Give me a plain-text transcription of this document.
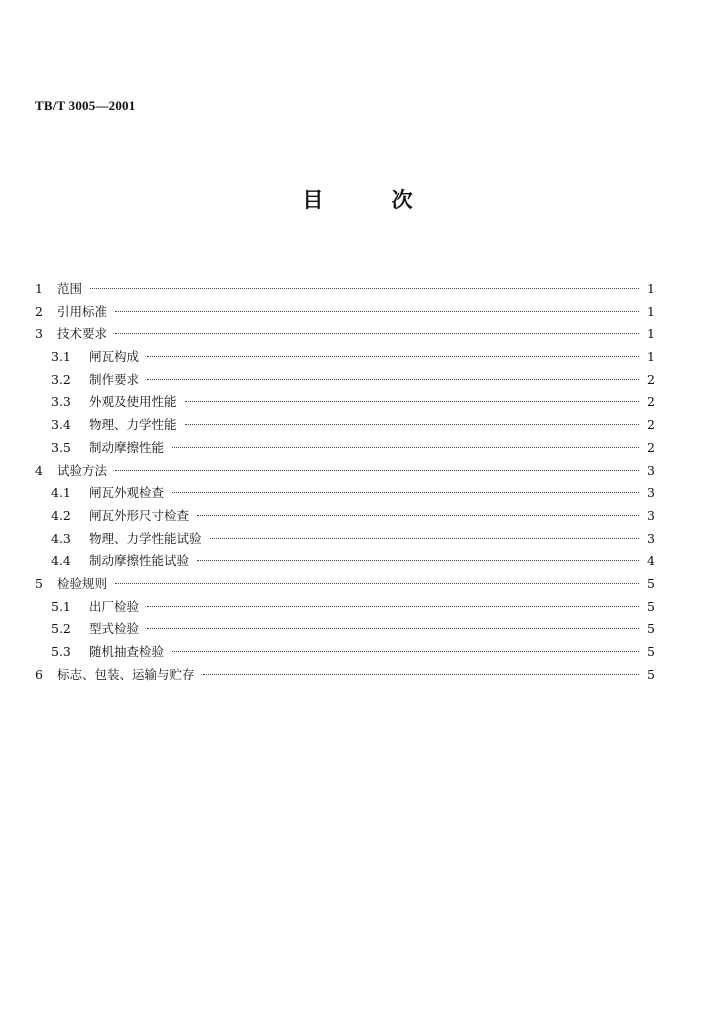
TB/T 3005—2001
目	次
1	范围	1
2	引用标准	1
3	技术要求	1
3.1	闸瓦构成	1
3.2	制作要求	2
3.3	外观及使用性能	2
3.4	物理、力学性能	2
3.5	制动摩擦性能	2
4	试验方法	3
4.1	闸瓦外观检查	3
4.2	闸瓦外形尺寸检查	3
4.3	物理、力学性能试验	3
4.4	制动摩擦性能试验	4
5	检验规则	5
5.1	出厂检验	5
5.2	型式检验	5
5.3	随机抽查检验	5
6	标志、包装、运输与贮存	5
